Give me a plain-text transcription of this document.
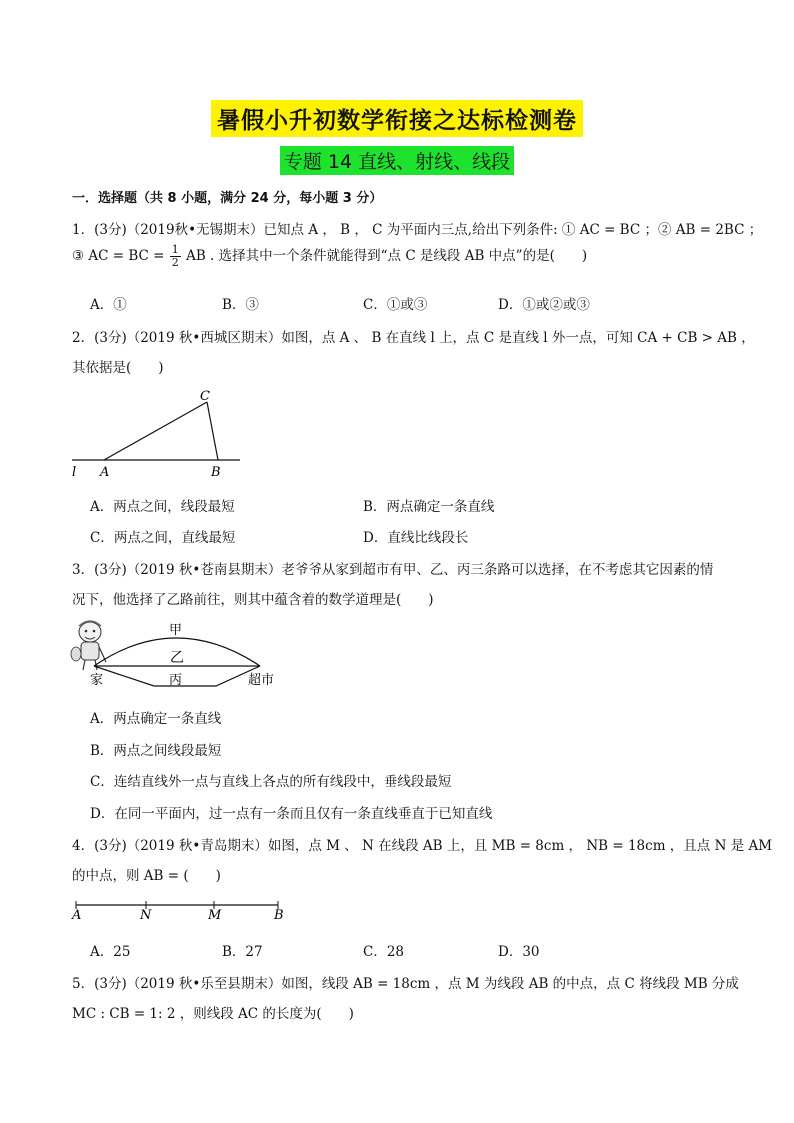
暑假小升初数学衔接之达标检测卷
专题 14 直线、射线、线段
一．选择题（共 8 小题，满分 24 分，每小题 3 分）
1．(3分)（2019秋•无锡期末）已知点 A ， B ， C 为平面内三点,给出下列条件: ① AC = BC ；② AB = 2BC ；
③ AC = BC = $\frac{1}{2}$ AB . 选择其中一个条件就能得到“点 C 是线段 AB 中点”的是(　　)
A．①	B．③	C．①或③	D．①或②或③
2．(3分)（2019 秋•西城区期末）如图，点 A 、 B 在直线 l 上，点 C 是直线 l 外一点，可知 CA + CB > AB ，
其依据是(　　)
l A	B
C
A．两点之间，线段最短	B．两点确定一条直线
C．两点之间，直线最短	D．直线比线段长
3．(3分)（2019 秋•苍南县期末）老爷爷从家到超市有甲、乙、丙三条路可以选择，在不考虑其它因素的情
况下，他选择了乙路前往，则其中蕴含着的数学道理是(　　)
甲
乙
丙
家	超市
A．两点确定一条直线
B．两点之间线段最短
C．连结直线外一点与直线上各点的所有线段中，垂线段最短
D．在同一平面内，过一点有一条而且仅有一条直线垂直于已知直线
4．(3分)（2019 秋•青岛期末）如图，点 M 、 N 在线段 AB 上，且 MB = 8cm ， NB = 18cm ，且点 N 是 AM
的中点，则 AB = (　　)
A	N	M	B
A．25	B．27	C．28	D．30
5．(3分)（2019 秋•乐至县期末）如图，线段 AB = 18cm ，点 M 为线段 AB 的中点，点 C 将线段 MB 分成
MC : CB = 1: 2 ，则线段 AC 的长度为(　　)
